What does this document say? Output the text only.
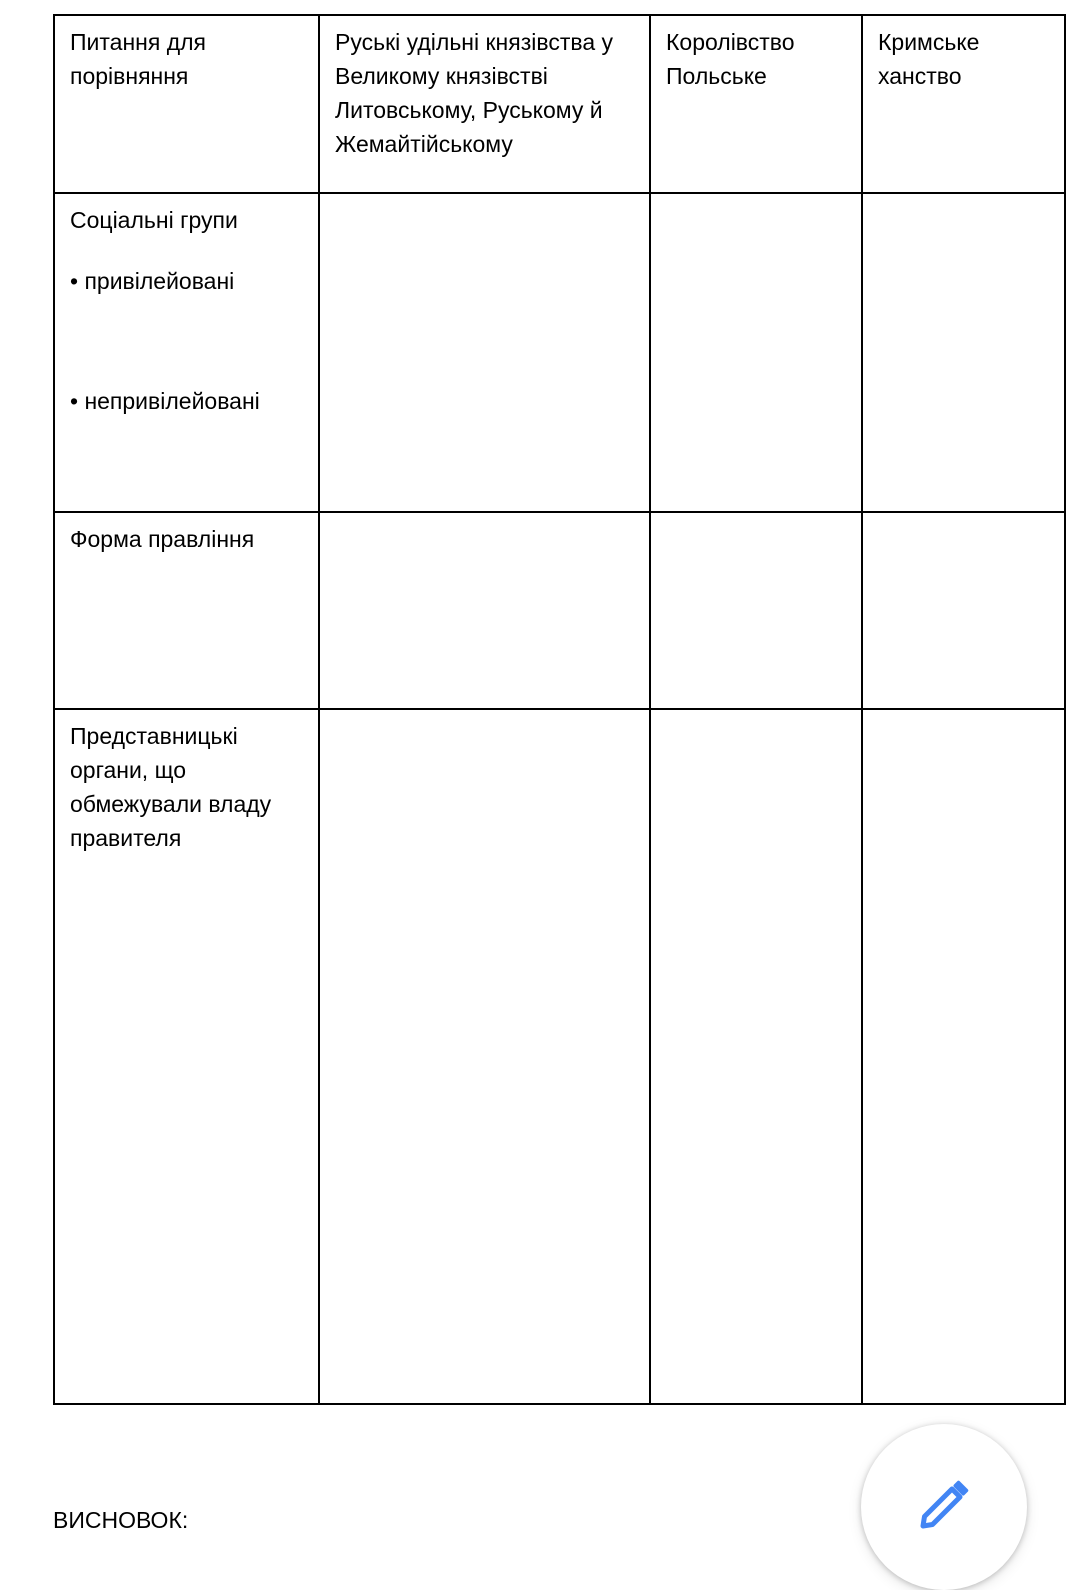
Питання для порівняння	Руські удільні князівства у Великому князівстві Литовському, Руському й Жемайтійському	Королівство Польське	Кримське ханство

Соціальні групи
• привілейовані
• непривілейовані			

Форма правління			

Представницькі органи, що обмежували владу правителя			

ВИСНОВОК:
